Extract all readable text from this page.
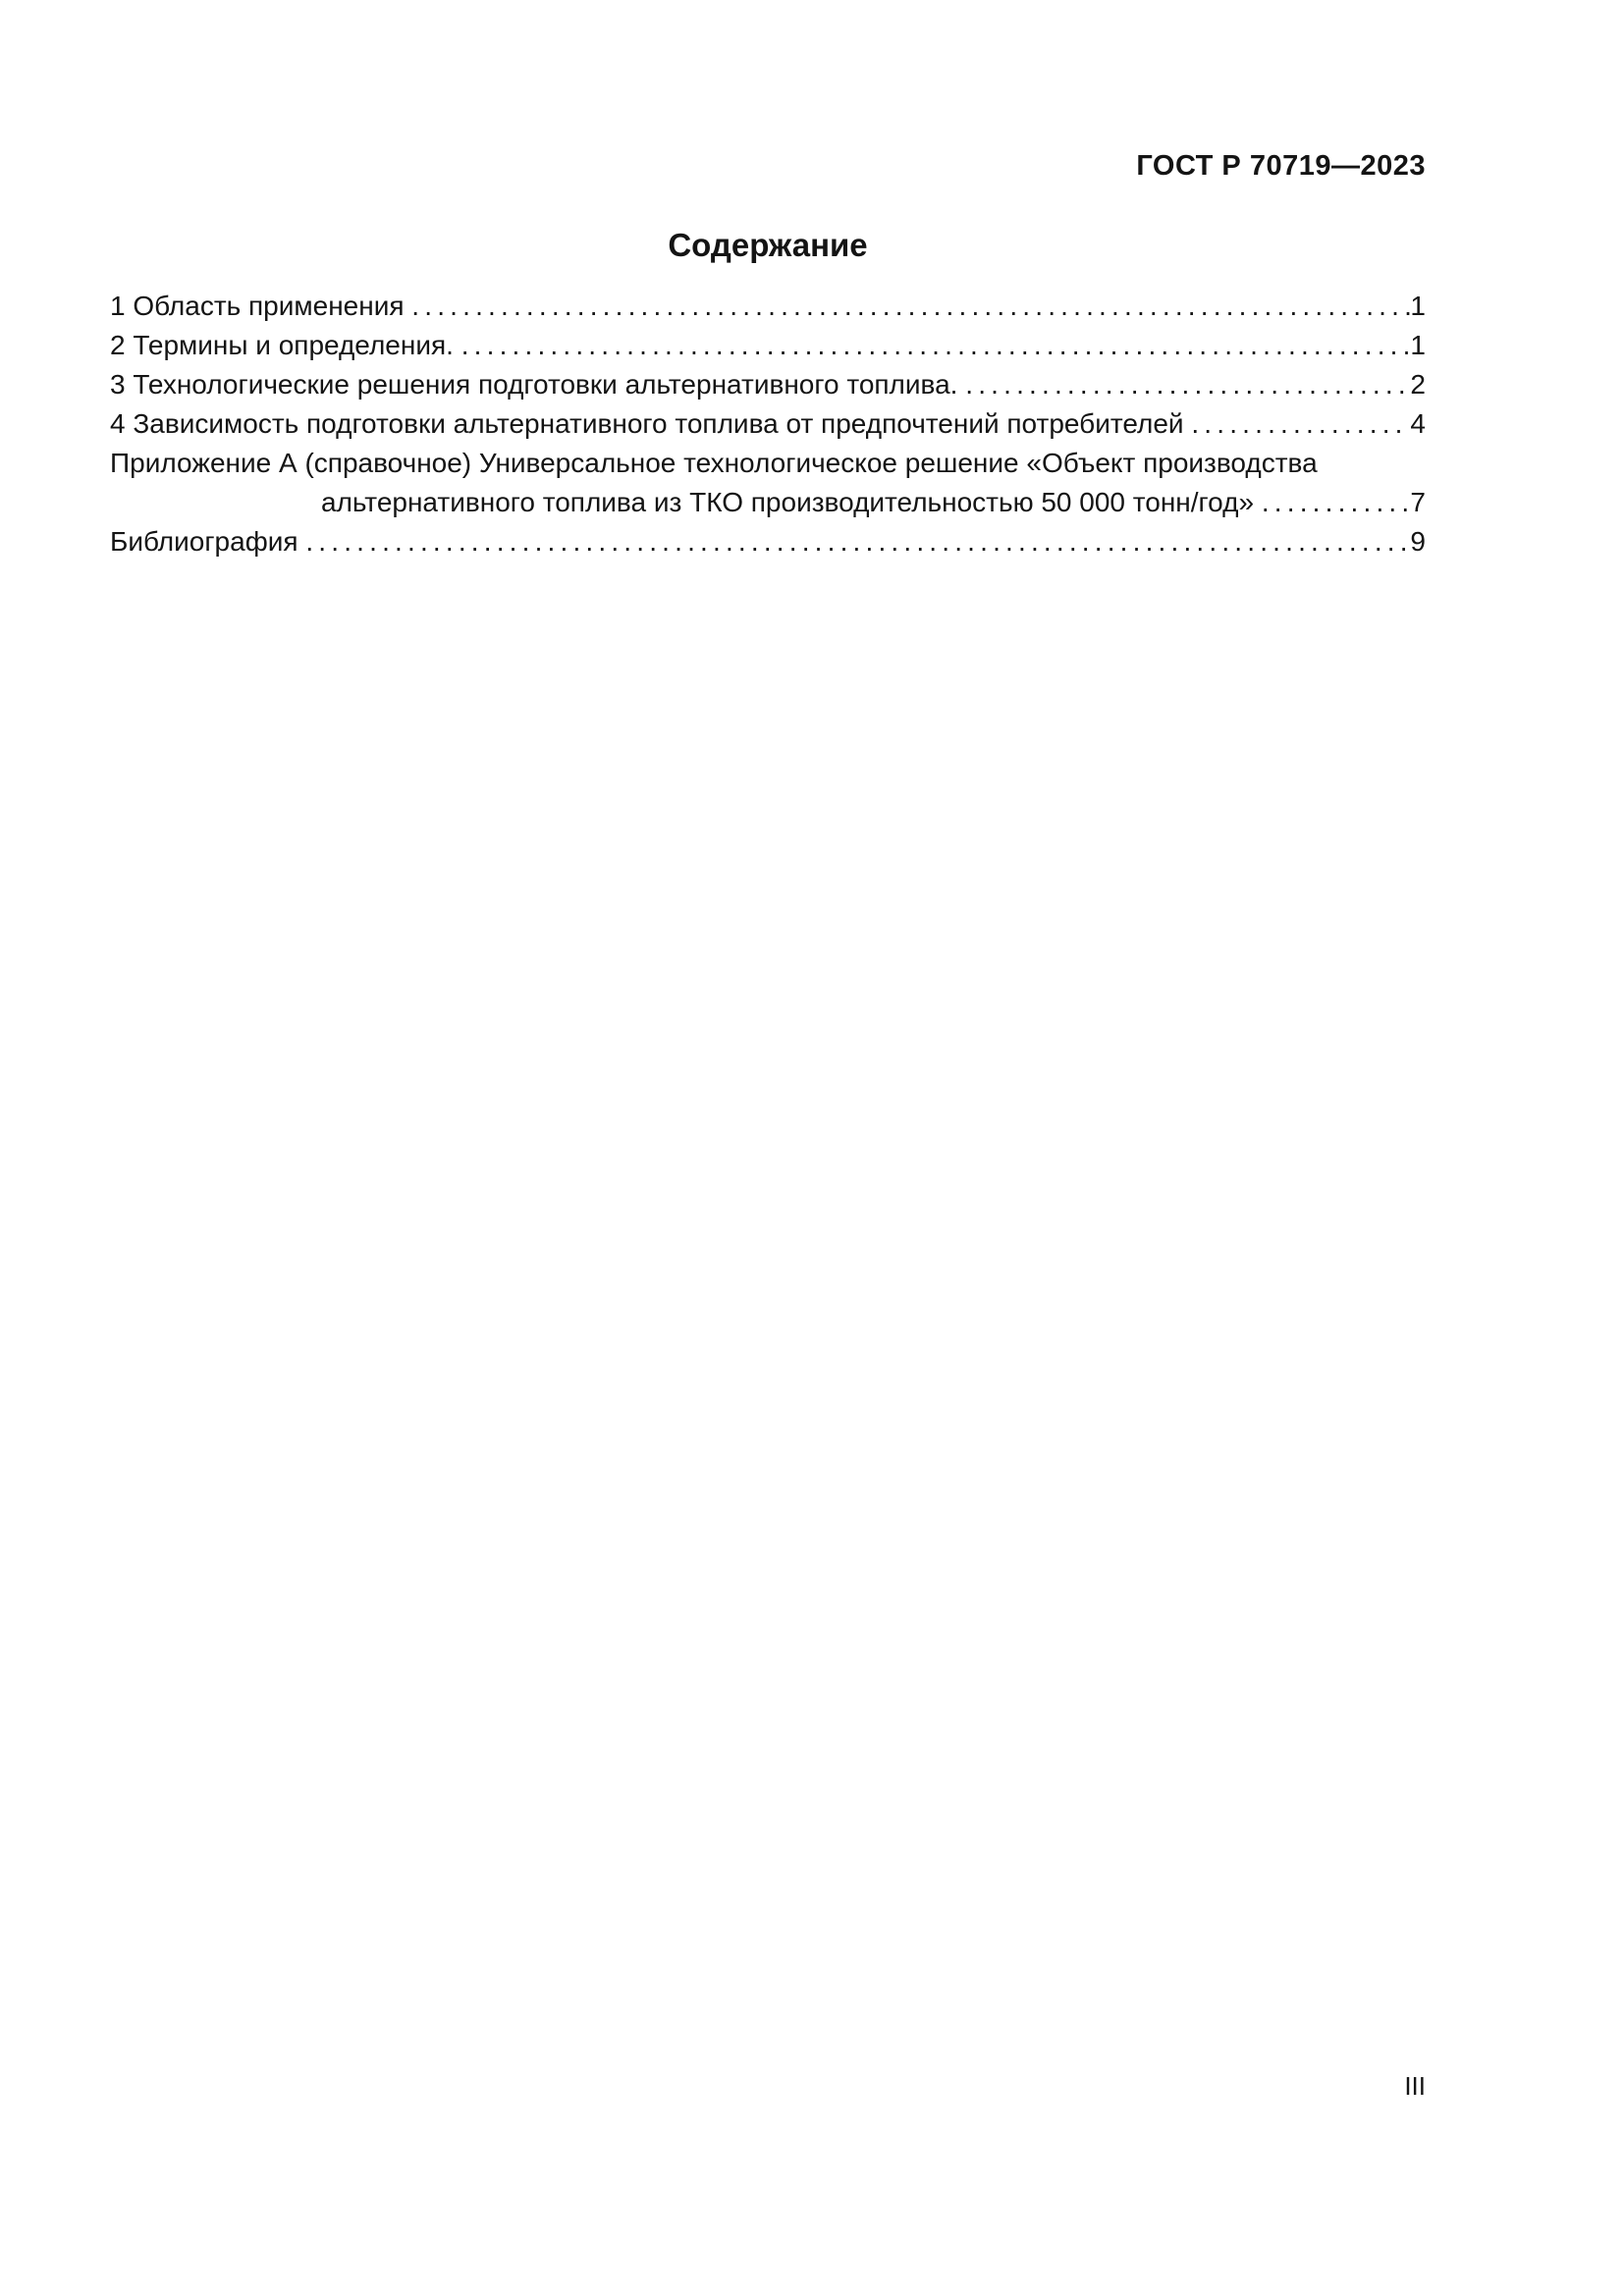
ГОСТ Р 70719—2023
Содержание
1 Область применения . . .	1
2 Термины и определения. . . .	1
3 Технологические решения подготовки альтернативного топлива. . . .	2
4 Зависимость подготовки альтернативного топлива от предпочтений потребителей . . .	4
Приложение А (справочное) Универсальное технологическое решение «Объект производства
альтернативного топлива из ТКО производительностью 50 000 тонн/год» . . .	7
Библиография . . .	9
III
